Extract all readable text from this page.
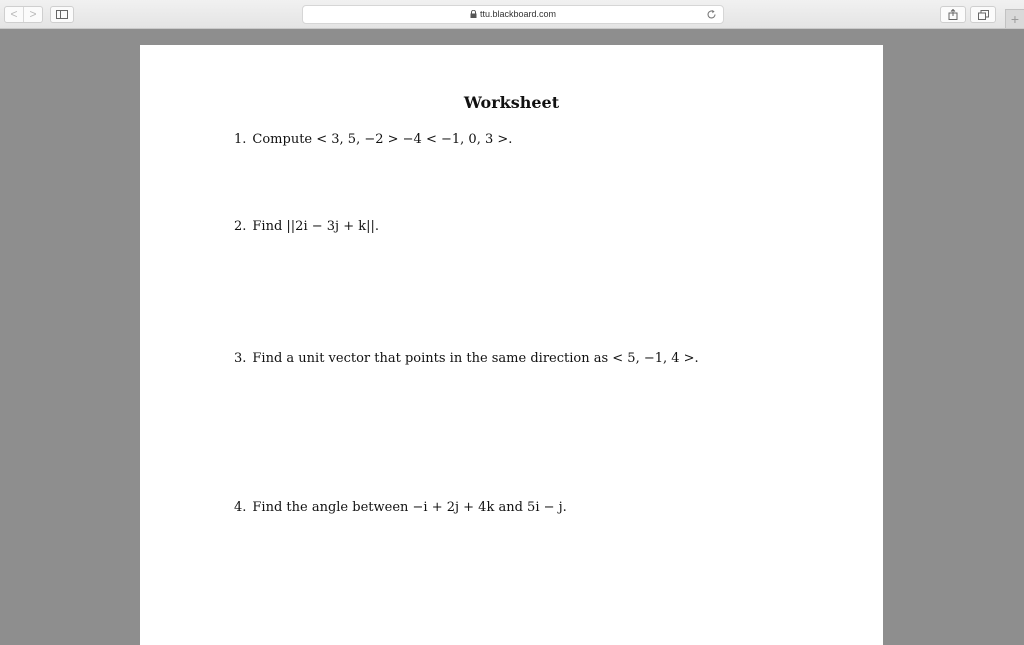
< >	ttu.blackboard.com	+
Worksheet
1. Compute < 3, 5, −2 > −4 < −1, 0, 3 >.
2. Find ||2i − 3j + k||.
3. Find a unit vector that points in the same direction as < 5, −1, 4 >.
4. Find the angle between −i + 2j + 4k and 5i − j.
